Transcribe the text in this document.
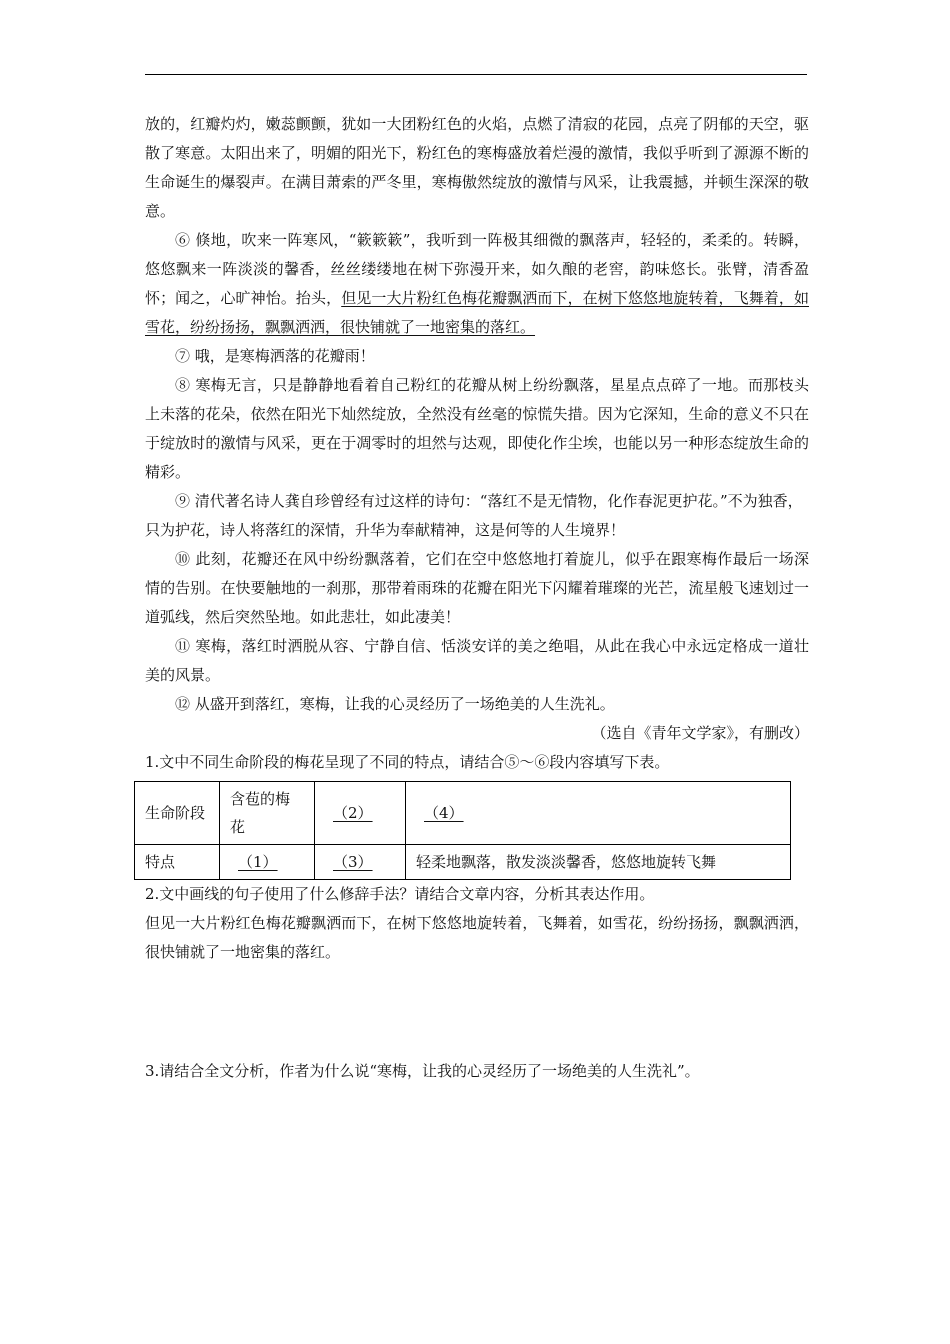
放的，红瓣灼灼，嫩蕊颤颤，犹如一大团粉红色的火焰，点燃了清寂的花园，点亮了阴郁的天空，驱散了寒意。太阳出来了，明媚的阳光下，粉红色的寒梅盛放着烂漫的激情，我似乎听到了源源不断的生命诞生的爆裂声。在满目萧索的严冬里，寒梅傲然绽放的激情与风采，让我震撼，并顿生深深的敬意。

⑥ 倏地，吹来一阵寒风，“簌簌簌”，我听到一阵极其细微的飘落声，轻轻的，柔柔的。转瞬，悠悠飘来一阵淡淡的馨香，丝丝缕缕地在树下弥漫开来，如久酿的老窖，韵味悠长。张臂，清香盈怀；闻之，心旷神怡。抬头，但见一大片粉红色梅花瓣飘洒而下，在树下悠悠地旋转着，飞舞着，如雪花，纷纷扬扬，飘飘洒洒，很快铺就了一地密集的落红。

⑦ 哦，是寒梅洒落的花瓣雨！

⑧ 寒梅无言，只是静静地看着自己粉红的花瓣从树上纷纷飘落，星星点点碎了一地。而那枝头上未落的花朵，依然在阳光下灿然绽放，全然没有丝毫的惊慌失措。因为它深知，生命的意义不只在于绽放时的激情与风采，更在于凋零时的坦然与达观，即使化作尘埃，也能以另一种形态绽放生命的精彩。

⑨ 清代著名诗人龚自珍曾经有过这样的诗句：“落红不是无情物，化作春泥更护花。”不为独香，只为护花，诗人将落红的深情，升华为奉献精神，这是何等的人生境界！

⑩ 此刻，花瓣还在风中纷纷飘落着，它们在空中悠悠地打着旋儿，似乎在跟寒梅作最后一场深情的告别。在快要触地的一刹那，那带着雨珠的花瓣在阳光下闪耀着璀璨的光芒，流星般飞速划过一道弧线，然后突然坠地。如此悲壮，如此凄美！

⑪ 寒梅，落红时洒脱从容、宁静自信、恬淡安详的美之绝唱，从此在我心中永远定格成一道壮美的风景。

⑫ 从盛开到落红，寒梅，让我的心灵经历了一场绝美的人生洗礼。

（选自《青年文学家》，有删改）

1.文中不同生命阶段的梅花呈现了不同的特点，请结合⑤～⑥段内容填写下表。

生命阶段	含苞的梅花	（2）	（4）
特点	（1）	（3）	轻柔地飘落，散发淡淡馨香，悠悠地旋转飞舞

2.文中画线的句子使用了什么修辞手法？请结合文章内容，分析其表达作用。

但见一大片粉红色梅花瓣飘洒而下，在树下悠悠地旋转着，飞舞着，如雪花，纷纷扬扬，飘飘洒洒，很快铺就了一地密集的落红。

3.请结合全文分析，作者为什么说“寒梅，让我的心灵经历了一场绝美的人生洗礼”。
